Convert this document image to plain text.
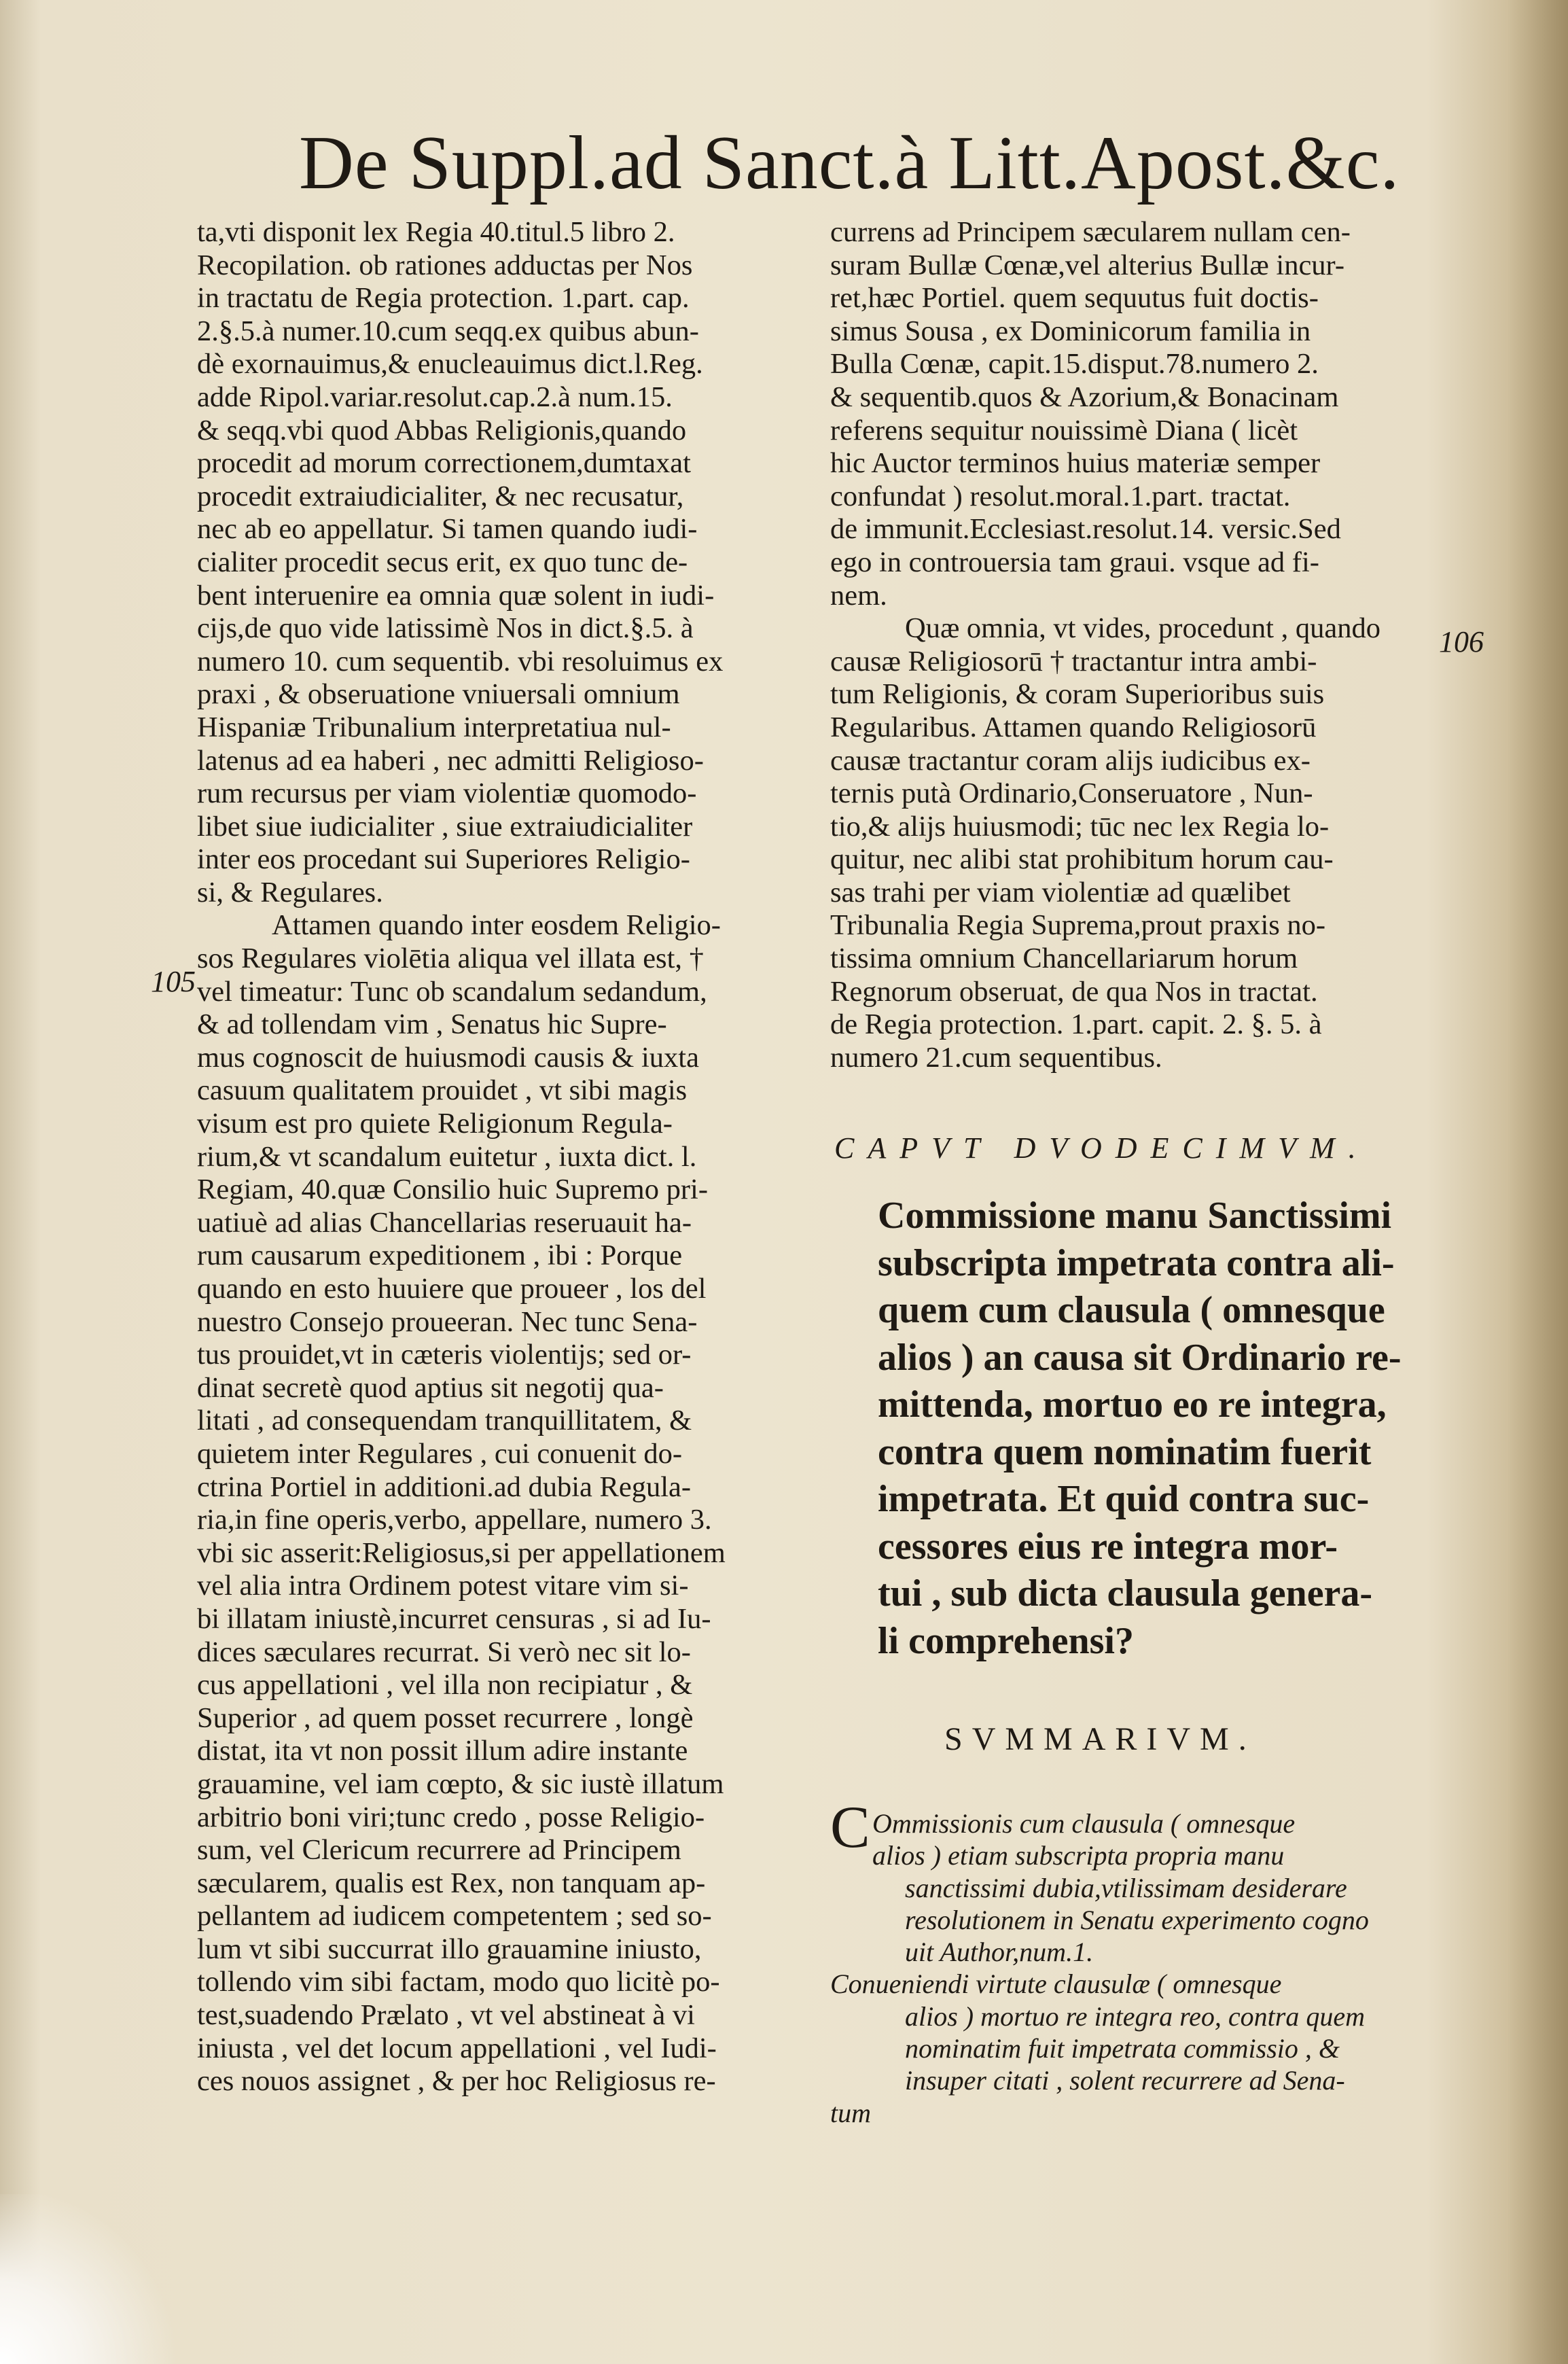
De Suppl.ad Sanct.à Litt.Apost.&c.
105
106
ta,vti disponit lex Regia 40.titul.5 libro 2.
Recopilation. ob rationes adductas per Nos
in tractatu de Regia protection. 1.part. cap.
2.§.5.à numer.10.cum seqq.ex quibus abun-
dè exornauimus,& enucleauimus dict.l.Reg.
adde Ripol.variar.resolut.cap.2.à num.15.
& seqq.vbi quod Abbas Religionis,quando
procedit ad morum correctionem,dumtaxat
procedit extraiudicialiter, & nec recusatur,
nec ab eo appellatur. Si tamen quando iudi-
cialiter procedit secus erit, ex quo tunc de-
bent interuenire ea omnia quæ solent in iudi-
cijs,de quo vide latissimè Nos in dict.§.5. à
numero 10. cum sequentib. vbi resoluimus ex
praxi , & obseruatione vniuersali omnium
Hispaniæ Tribunalium interpretatiua nul-
latenus ad ea haberi , nec admitti Religioso-
rum recursus per viam violentiæ quomodo-
libet siue iudicialiter , siue extraiudicialiter
inter eos procedant sui Superiores Religio-
si, & Regulares.
Attamen quando inter eosdem Religio-
sos Regulares violētia aliqua vel illata est, †
vel timeatur: Tunc ob scandalum sedandum,
& ad tollendam vim , Senatus hic Supre-
mus cognoscit de huiusmodi causis & iuxta
casuum qualitatem prouidet , vt sibi magis
visum est pro quiete Religionum Regula-
rium,& vt scandalum euitetur , iuxta dict. l.
Regiam, 40.quæ Consilio huic Supremo pri-
uatiuè ad alias Chancellarias reseruauit ha-
rum causarum expeditionem , ibi : Porque
quando en esto huuiere que proueer , los del
nuestro Consejo proueeran. Nec tunc Sena-
tus prouidet,vt in cæteris violentijs; sed or-
dinat secretè quod aptius sit negotij qua-
litati , ad consequendam tranquillitatem, &
quietem inter Regulares , cui conuenit do-
ctrina Portiel in additioni.ad dubia Regula-
ria,in fine operis,verbo, appellare, numero 3.
vbi sic asserit:Religiosus,si per appellationem
vel alia intra Ordinem potest vitare vim si-
bi illatam iniustè,incurret censuras , si ad Iu-
dices sæculares recurrat. Si verò nec sit lo-
cus appellationi , vel illa non recipiatur , &
Superior , ad quem posset recurrere , longè
distat, ita vt non possit illum adire instante
grauamine, vel iam cœpto, & sic iustè illatum
arbitrio boni viri;tunc credo , posse Religio-
sum, vel Clericum recurrere ad Principem
sæcularem, qualis est Rex, non tanquam ap-
pellantem ad iudicem competentem ; sed so-
lum vt sibi succurrat illo grauamine iniusto,
tollendo vim sibi factam, modo quo licitè po-
test,suadendo Prælato , vt vel abstineat à vi
iniusta , vel det locum appellationi , vel Iudi-
ces nouos assignet , & per hoc Religiosus re-
currens ad Principem sæcularem nullam cen-
suram Bullæ Cœnæ,vel alterius Bullæ incur-
ret,hæc Portiel. quem sequutus fuit doctis-
simus Sousa , ex Dominicorum familia in
Bulla Cœnæ, capit.15.disput.78.numero 2.
& sequentib.quos & Azorium,& Bonacinam
referens sequitur nouissimè Diana ( licèt
hic Auctor terminos huius materiæ semper
confundat ) resolut.moral.1.part. tractat.
de immunit.Ecclesiast.resolut.14. versic.Sed
ego in controuersia tam graui. vsque ad fi-
nem.
Quæ omnia, vt vides, procedunt , quando
causæ Religiosorū † tractantur intra ambi-
tum Religionis, & coram Superioribus suis
Regularibus. Attamen quando Religiosorū
causæ tractantur coram alijs iudicibus ex-
ternis putà Ordinario,Conseruatore , Nun-
tio,& alijs huiusmodi; tūc nec lex Regia lo-
quitur, nec alibi stat prohibitum horum cau-
sas trahi per viam violentiæ ad quælibet
Tribunalia Regia Suprema,prout praxis no-
tissima omnium Chancellariarum horum
Regnorum obseruat, de qua Nos in tractat.
de Regia protection. 1.part. capit. 2. §. 5. à
numero 21.cum sequentibus.
CAPVT DVODECIMVM.
Commissione manu Sanctissimi
subscripta impetrata contra ali-
quem cum clausula ( omnesque
alios ) an causa sit Ordinario re-
mittenda, mortuo eo re integra,
contra quem nominatim fuerit
impetrata. Et quid contra suc-
cessores eius re integra mor-
tui , sub dicta clausula genera-
li comprehensi?
SVMMARIVM.
C Ommissionis cum clausula ( omnesque
alios ) etiam subscripta propria manu
sanctissimi dubia,vtilissimam desiderare
resolutionem in Senatu experimento cogno
uit Author,num.1.
Conueniendi virtute clausulæ ( omnesque
alios ) mortuo re integra reo, contra quem
nominatim fuit impetrata commissio , &
insuper citati , solent recurrere ad Sena-
tum
